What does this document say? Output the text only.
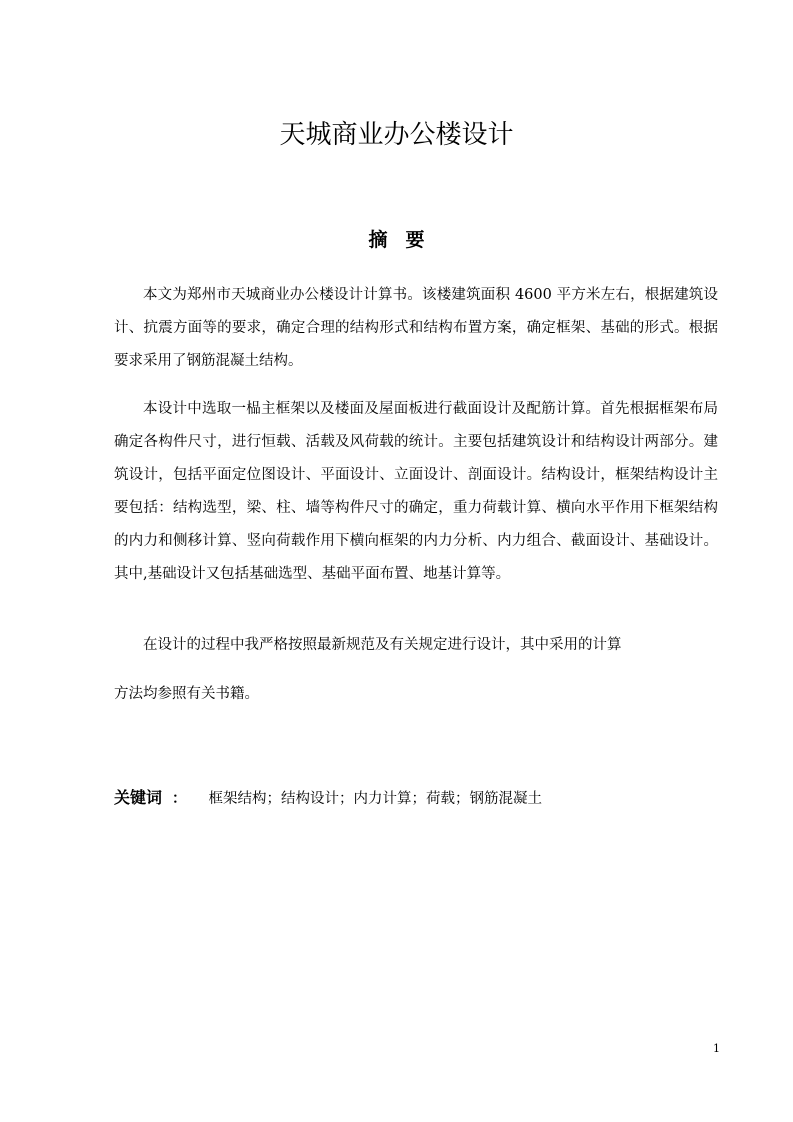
天城商业办公楼设计
摘要

本文为郑州市天城商业办公楼设计计算书。该楼建筑面积 4600 平方米左右，根据建筑设计、抗震方面等的要求，确定合理的结构形式和结构布置方案，确定框架、基础的形式。根据要求采用了钢筋混凝土结构。

本设计中选取一榀主框架以及楼面及屋面板进行截面设计及配筋计算。首先根据框架布局确定各构件尺寸，进行恒载、活载及风荷载的统计。主要包括建筑设计和结构设计两部分。建筑设计，包括平面定位图设计、平面设计、立面设计、剖面设计。结构设计，框架结构设计主要包括：结构选型，梁、柱、墙等构件尺寸的确定，重力荷载计算、横向水平作用下框架结构的内力和侧移计算、竖向荷载作用下横向框架的内力分析、内力组合、截面设计、基础设计。其中,基础设计又包括基础选型、基础平面布置、地基计算等。

在设计的过程中我严格按照最新规范及有关规定进行设计，其中采用的计算

方法均参照有关书籍。

关键词 ： 框架结构；结构设计；内力计算；荷载；钢筋混凝土
1
